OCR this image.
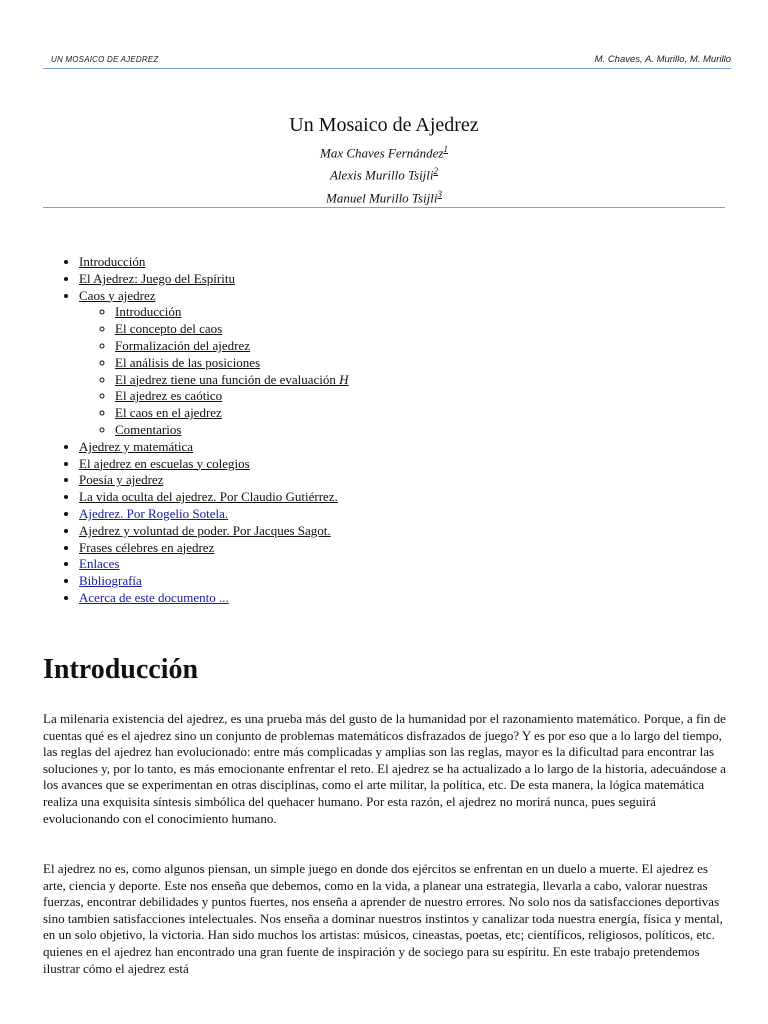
UN MOSAICO DE AJEDREZ	M. Chaves, A. Murillo, M. Murillo
Un Mosaico de Ajedrez
Max Chaves Fernández$^1$
Alexis Murillo Tsijli$^2$
Manuel Murillo Tsijli$^3$
• Introducción
• El Ajedrez: Juego del Espíritu
• Caos y ajedrez
◦ Introducción
◦ El concepto del caos
◦ Formalización del ajedrez
◦ El análisis de las posiciones
◦ El ajedrez tiene una función de evaluación H
◦ El ajedrez es caótico
◦ El caos en el ajedrez
◦ Comentarios
• Ajedrez y matemática
• El ajedrez en escuelas y colegios
• Poesía y ajedrez
• La vida oculta del ajedrez. Por Claudio Gutiérrez.
• Ajedrez. Por Rogelio Sotela.
• Ajedrez y voluntad de poder. Por Jacques Sagot.
• Frases célebres en ajedrez
• Enlaces
• Bibliografía
• Acerca de este documento ...
Introducción

La milenaria existencia del ajedrez, es una prueba más del gusto de la humanidad por el razonamiento matemático. Porque, a fin de cuentas qué es el ajedrez sino un conjunto de problemas matemáticos disfrazados de juego? Y es por eso que a lo largo del tiempo, las reglas del ajedrez han evolucionado: entre más complicadas y amplias son las reglas, mayor es la dificultad para encontrar las soluciones y, por lo tanto, es más emocionante enfrentar el reto. El ajedrez se ha actualizado a lo largo de la historia, adecuándose a los avances que se experimentan en otras disciplinas, como el arte militar, la política, etc. De esta manera, la lógica matemática realiza una exquisita síntesis simbólica del quehacer humano. Por esta razón, el ajedrez no morirá nunca, pues seguirá evolucionando con el conocimiento humano.

El ajedrez no es, como algunos piensan, un simple juego en donde dos ejércitos se enfrentan en un duelo a muerte. El ajedrez es arte, ciencia y deporte. Este nos enseña que debemos, como en la vida, a planear una estrategia, llevarla a cabo, valorar nuestras fuerzas, encontrar debilidades y puntos fuertes, nos enseña a aprender de nuestro errores. No solo nos da satisfacciones deportivas sino tambien satisfacciones intelectuales. Nos enseña a dominar nuestros instintos y canalizar toda nuestra energía, física y mental, en un solo objetivo, la victoria. Han sido muchos los artistas: músicos, cineastas, poetas, etc; científicos, religiosos, políticos, etc. quienes en el ajedrez han encontrado una gran fuente de inspiración y de sociego para su espíritu. En este trabajo pretendemos ilustrar cómo el ajedrez está
